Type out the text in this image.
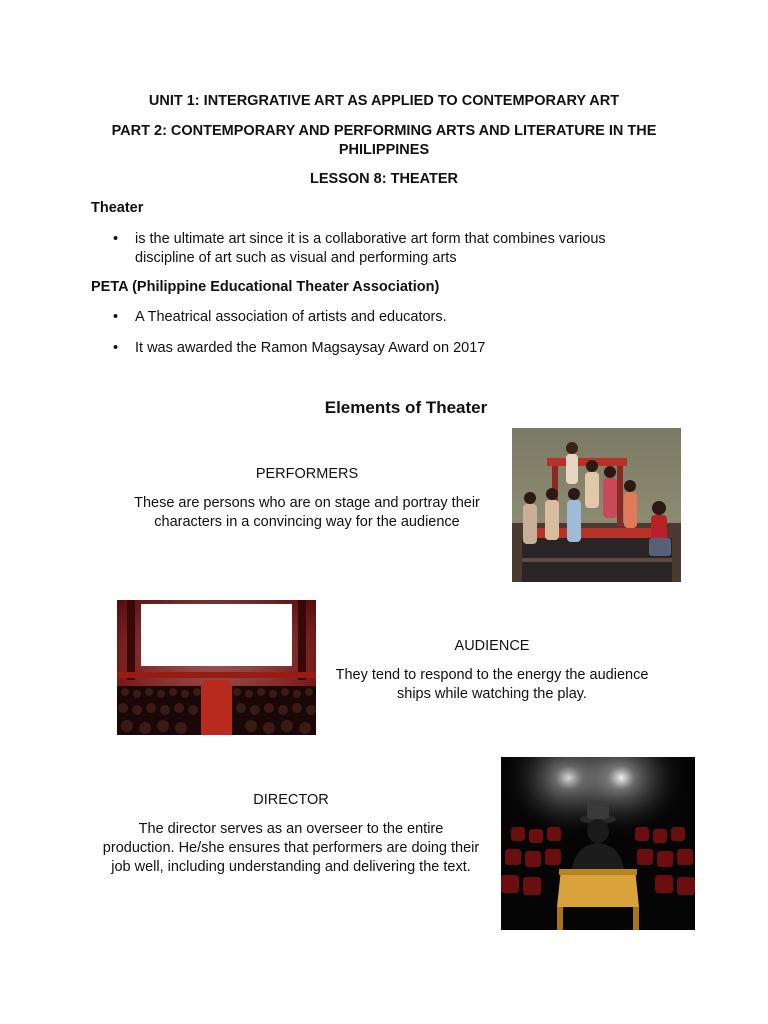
UNIT 1: INTERGRATIVE ART AS APPLIED TO CONTEMPORARY ART
PART 2: CONTEMPORARY AND PERFORMING ARTS AND LITERATURE IN THE
PHILIPPINES
LESSON 8: THEATER
Theater
• is the ultimate art since it is a collaborative art form that combines various
discipline of art such as visual and performing arts
PETA (Philippine Educational Theater Association)
• A Theatrical association of artists and educators.
• It was awarded the Ramon Magsaysay Award on 2017
Elements of Theater
PERFORMERS
These are persons who are on stage and portray their
characters in a convincing way for the audience
AUDIENCE
They tend to respond to the energy the audience
ships while watching the play.
DIRECTOR
The director serves as an overseer to the entire
production. He/she ensures that performers are doing their
job well, including understanding and delivering the text.
